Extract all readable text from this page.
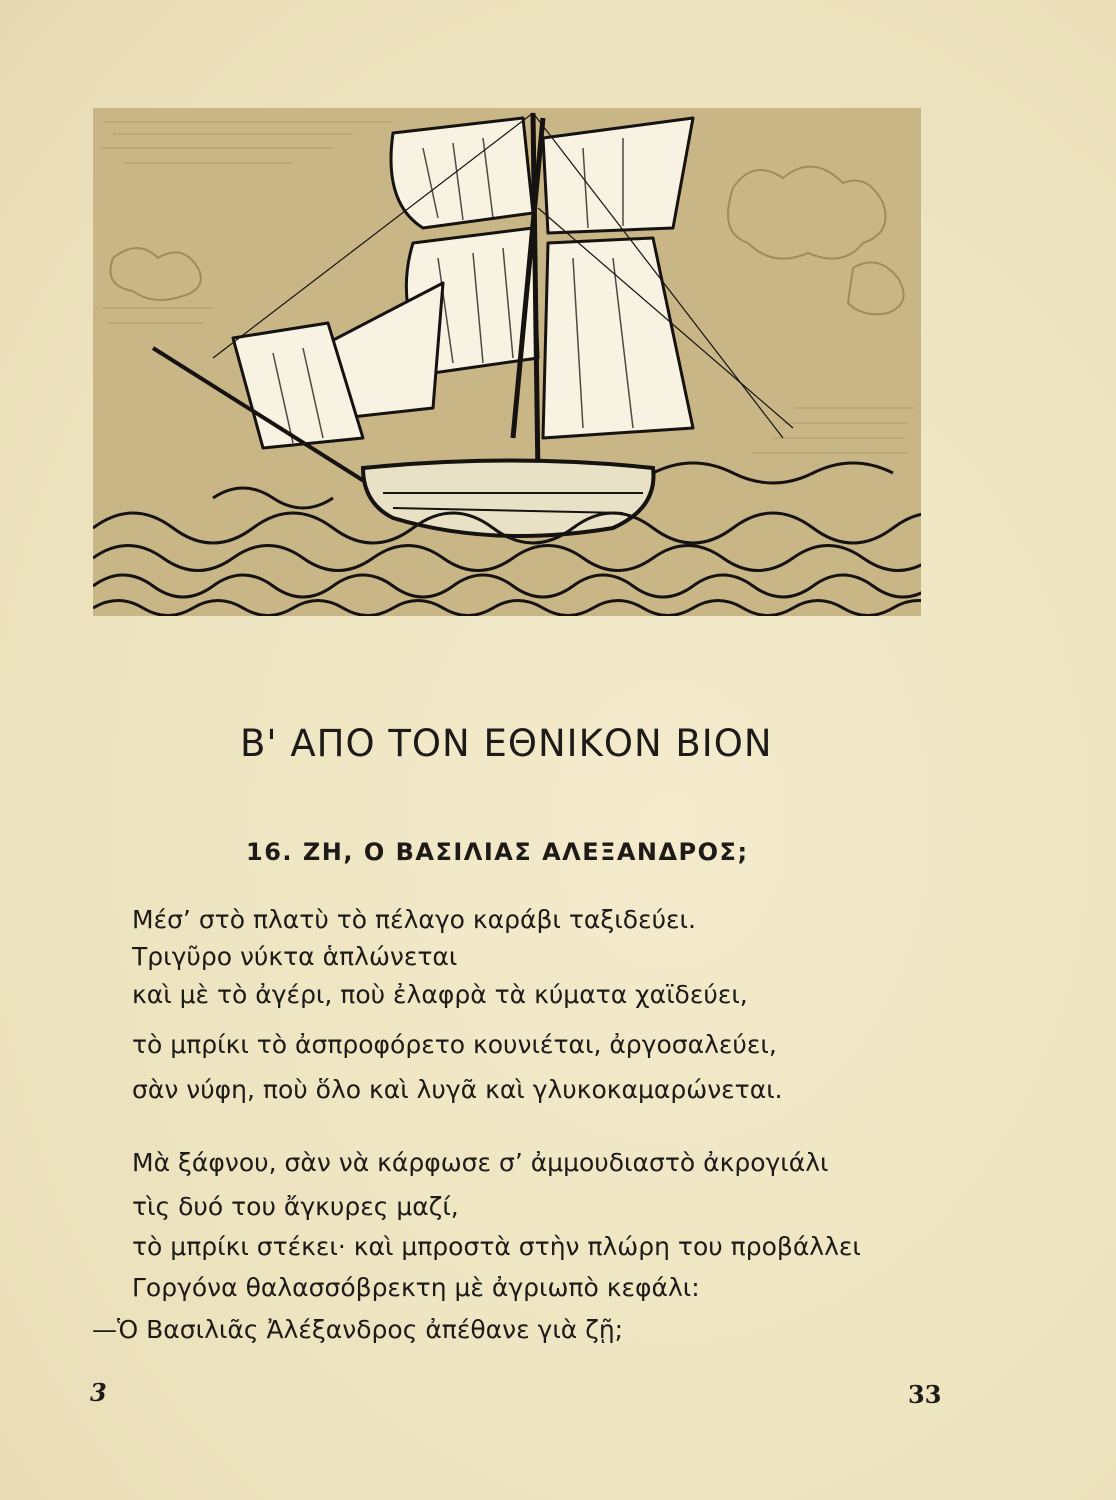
Β' ΑΠΟ ΤΟΝ ΕΘΝΙΚΟΝ ΒΙΟΝ
16. ΖΗ, Ο ΒΑΣΙΛΙΑΣ ΑΛΕΞΑΝΔΡΟΣ;
Μέσ’ στὸ πλατὺ τὸ πέλαγο καράβι ταξιδεύει.
Τριγῦρο νύκτα ἁπλώνεται
καὶ μὲ τὸ ἀγέρι, ποὺ ἐλαφρὰ τὰ κύματα χαϊδεύει,
τὸ μπρίκι τὸ ἀσπροφόρετο κουνιέται, ἀργοσαλεύει,
σὰν νύφη, ποὺ ὅλο καὶ λυγᾶ καὶ γλυκοκαμαρώνεται.
Μὰ ξάφνου, σὰν νὰ κάρφωσε σ’ ἀμμουδιαστὸ ἀκρογιάλι
τὶς δυό του ἄγκυρες μαζί,
τὸ μπρίκι στέκει· καὶ μπροστὰ στὴν πλώρη του προβάλλει
Γοργόνα θαλασσόβρεκτη μὲ ἀγριωπὸ κεφάλι:
—Ὁ Βασιλιᾶς Ἀλέξανδρος ἀπέθανε γιὰ ζῇ;
3	33
